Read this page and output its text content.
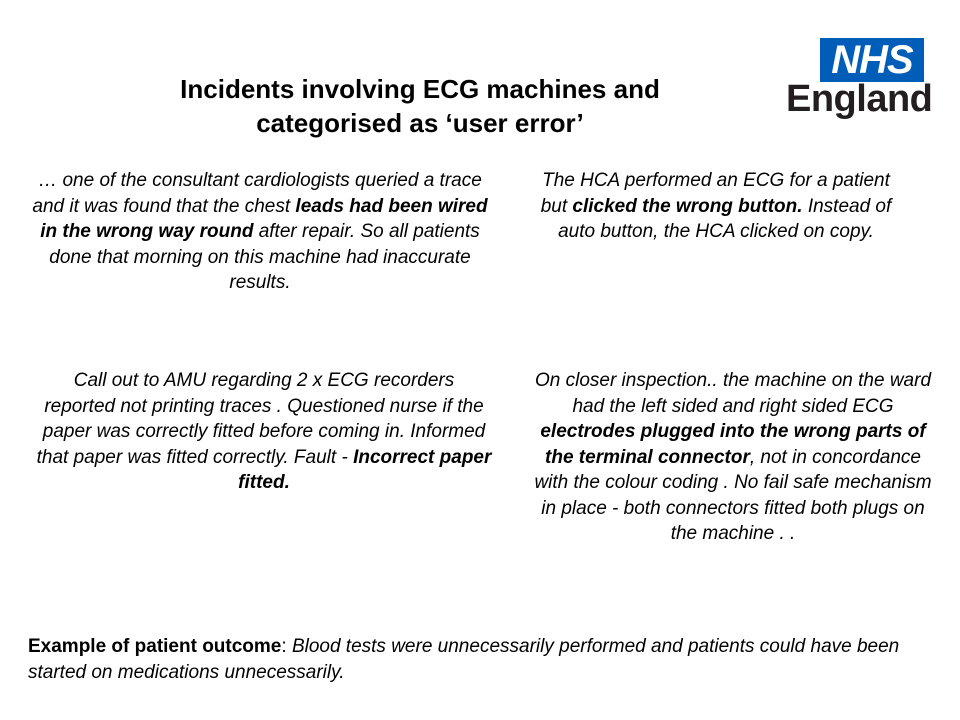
Incidents involving ECG machines and
categorised as ‘user error’
NHS
England
… one of the consultant cardiologists queried a trace and it was found that the chest leads had been wired in the wrong way round after repair. So all patients done that morning on this machine had inaccurate results.
The HCA performed an ECG for a patient but clicked the wrong button. Instead of auto button, the HCA clicked on copy.
Call out to AMU regarding 2 x ECG recorders reported not printing traces . Questioned nurse if the paper was correctly fitted before coming in. Informed that paper was fitted correctly. Fault - Incorrect paper fitted.
On closer inspection.. the machine on the ward had the left sided and right sided ECG electrodes plugged into the wrong parts of the terminal connector, not in concordance with the colour coding . No fail safe mechanism in place - both connectors fitted both plugs on the machine . .
Example of patient outcome: Blood tests were unnecessarily performed and patients could have been started on medications unnecessarily.
